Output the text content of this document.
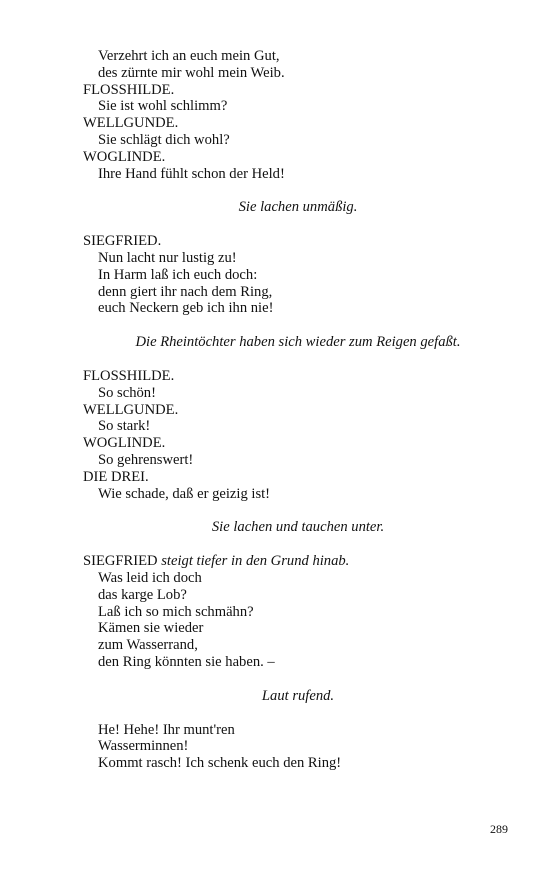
Verzehrt ich an euch mein Gut,
des zürnte mir wohl mein Weib.
FLOSSHILDE.
Sie ist wohl schlimm?
WELLGUNDE.
Sie schlägt dich wohl?
WOGLINDE.
Ihre Hand fühlt schon der Held!
Sie lachen unmäßig.
SIEGFRIED.
Nun lacht nur lustig zu!
In Harm laß ich euch doch:
denn giert ihr nach dem Ring,
euch Neckern geb ich ihn nie!
Die Rheintöchter haben sich wieder zum Reigen gefaßt.
FLOSSHILDE.
So schön!
WELLGUNDE.
So stark!
WOGLINDE.
So gehrenswert!
DIE DREI.
Wie schade, daß er geizig ist!
Sie lachen und tauchen unter.
SIEGFRIED steigt tiefer in den Grund hinab.
Was leid ich doch
das karge Lob?
Laß ich so mich schmähn?
Kämen sie wieder
zum Wasserrand,
den Ring könnten sie haben. –
Laut rufend.
He! Hehe! Ihr munt'ren
Wasserminnen!
Kommt rasch! Ich schenk euch den Ring!
289
